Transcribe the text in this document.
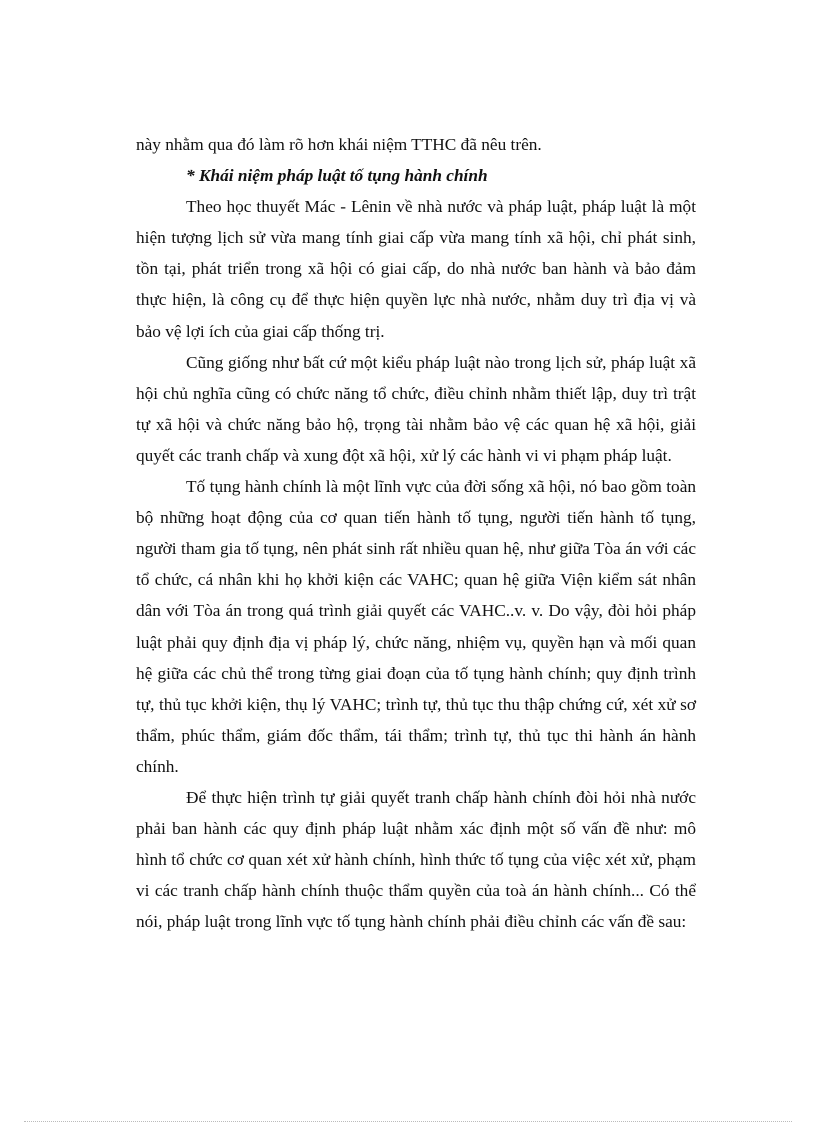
này nhằm qua đó làm rõ hơn khái niệm TTHC đã nêu trên.

* Khái niệm pháp luật tố tụng hành chính

Theo học thuyết Mác - Lênin về nhà nước và pháp luật, pháp luật là một hiện tượng lịch sử vừa mang tính giai cấp vừa mang tính xã hội, chỉ phát sinh, tồn tại, phát triển trong xã hội có giai cấp, do nhà nước ban hành và bảo đảm thực hiện, là công cụ để thực hiện quyền lực nhà nước, nhằm duy trì địa vị và bảo vệ lợi ích của giai cấp thống trị.

Cũng giống như bất cứ một kiểu pháp luật nào trong lịch sử, pháp luật xã hội chủ nghĩa cũng có chức năng tổ chức, điều chỉnh nhằm thiết lập, duy trì trật tự xã hội và chức năng bảo hộ, trọng tài nhằm bảo vệ các quan hệ xã hội, giải quyết các tranh chấp và xung đột xã hội, xử lý các hành vi vi phạm pháp luật.

Tố tụng hành chính là một lĩnh vực của đời sống xã hội, nó bao gồm toàn bộ những hoạt động của cơ quan tiến hành tố tụng, người tiến hành tố tụng, người tham gia tố tụng, nên phát sinh rất nhiều quan hệ, như giữa Tòa án với các tổ chức, cá nhân khi họ khởi kiện các VAHC; quan hệ giữa Viện kiểm sát nhân dân với Tòa án trong quá trình giải quyết các VAHC..v. v. Do vậy, đòi hỏi pháp luật phải quy định địa vị pháp lý, chức năng, nhiệm vụ, quyền hạn và mối quan hệ giữa các chủ thể trong từng giai đoạn của tố tụng hành chính; quy định trình tự, thủ tục khởi kiện, thụ lý VAHC; trình tự, thủ tục thu thập chứng cứ, xét xử sơ thẩm, phúc thẩm, giám đốc thẩm, tái thẩm; trình tự, thủ tục thi hành án hành chính.

Để thực hiện trình tự giải quyết tranh chấp hành chính đòi hỏi nhà nước phải ban hành các quy định pháp luật nhằm xác định một số vấn đề như: mô hình tổ chức cơ quan xét xử hành chính, hình thức tố tụng của việc xét xử, phạm vi các tranh chấp hành chính thuộc thẩm quyền của toà án hành chính... Có thể nói, pháp luật trong lĩnh vực tố tụng hành chính phải điều chỉnh các vấn đề sau:
